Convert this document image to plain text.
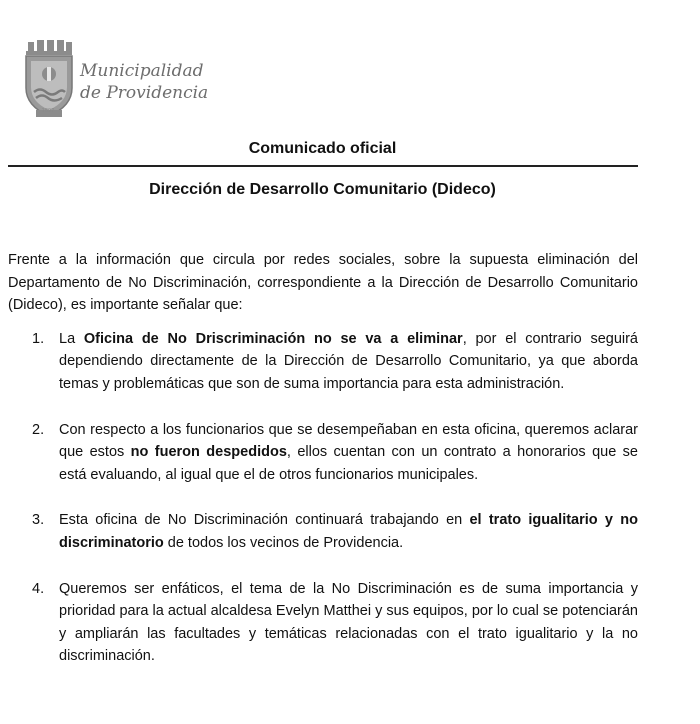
1897
Municipalidad
de Providencia
Comunicado oficial
Dirección de Desarrollo Comunitario (Dideco)

Frente a la información que circula por redes sociales, sobre la supuesta eliminación del Departamento de No Discriminación, correspondiente a la Dirección de Desarrollo Comunitario (Dideco), es importante señalar que:

1. La Oficina de No Driscriminación no se va a eliminar, por el contrario seguirá dependiendo directamente de la Dirección de Desarrollo Comunitario, ya que aborda temas y problemáticas que son de suma importancia para esta administración.
2. Con respecto a los funcionarios que se desempeñaban en esta oficina, queremos aclarar que estos no fueron despedidos, ellos cuentan con un contrato a honorarios que se está evaluando, al igual que el de otros funcionarios municipales.
3. Esta oficina de No Discriminación continuará trabajando en el trato igualitario y no discriminatorio de todos los vecinos de Providencia.
4. Queremos ser enfáticos, el tema de la No Discriminación es de suma importancia y prioridad para la actual alcaldesa Evelyn Matthei y sus equipos, por lo cual se potenciarán y ampliarán las facultades y temáticas relacionadas con el trato igualitario y la no discriminación.
